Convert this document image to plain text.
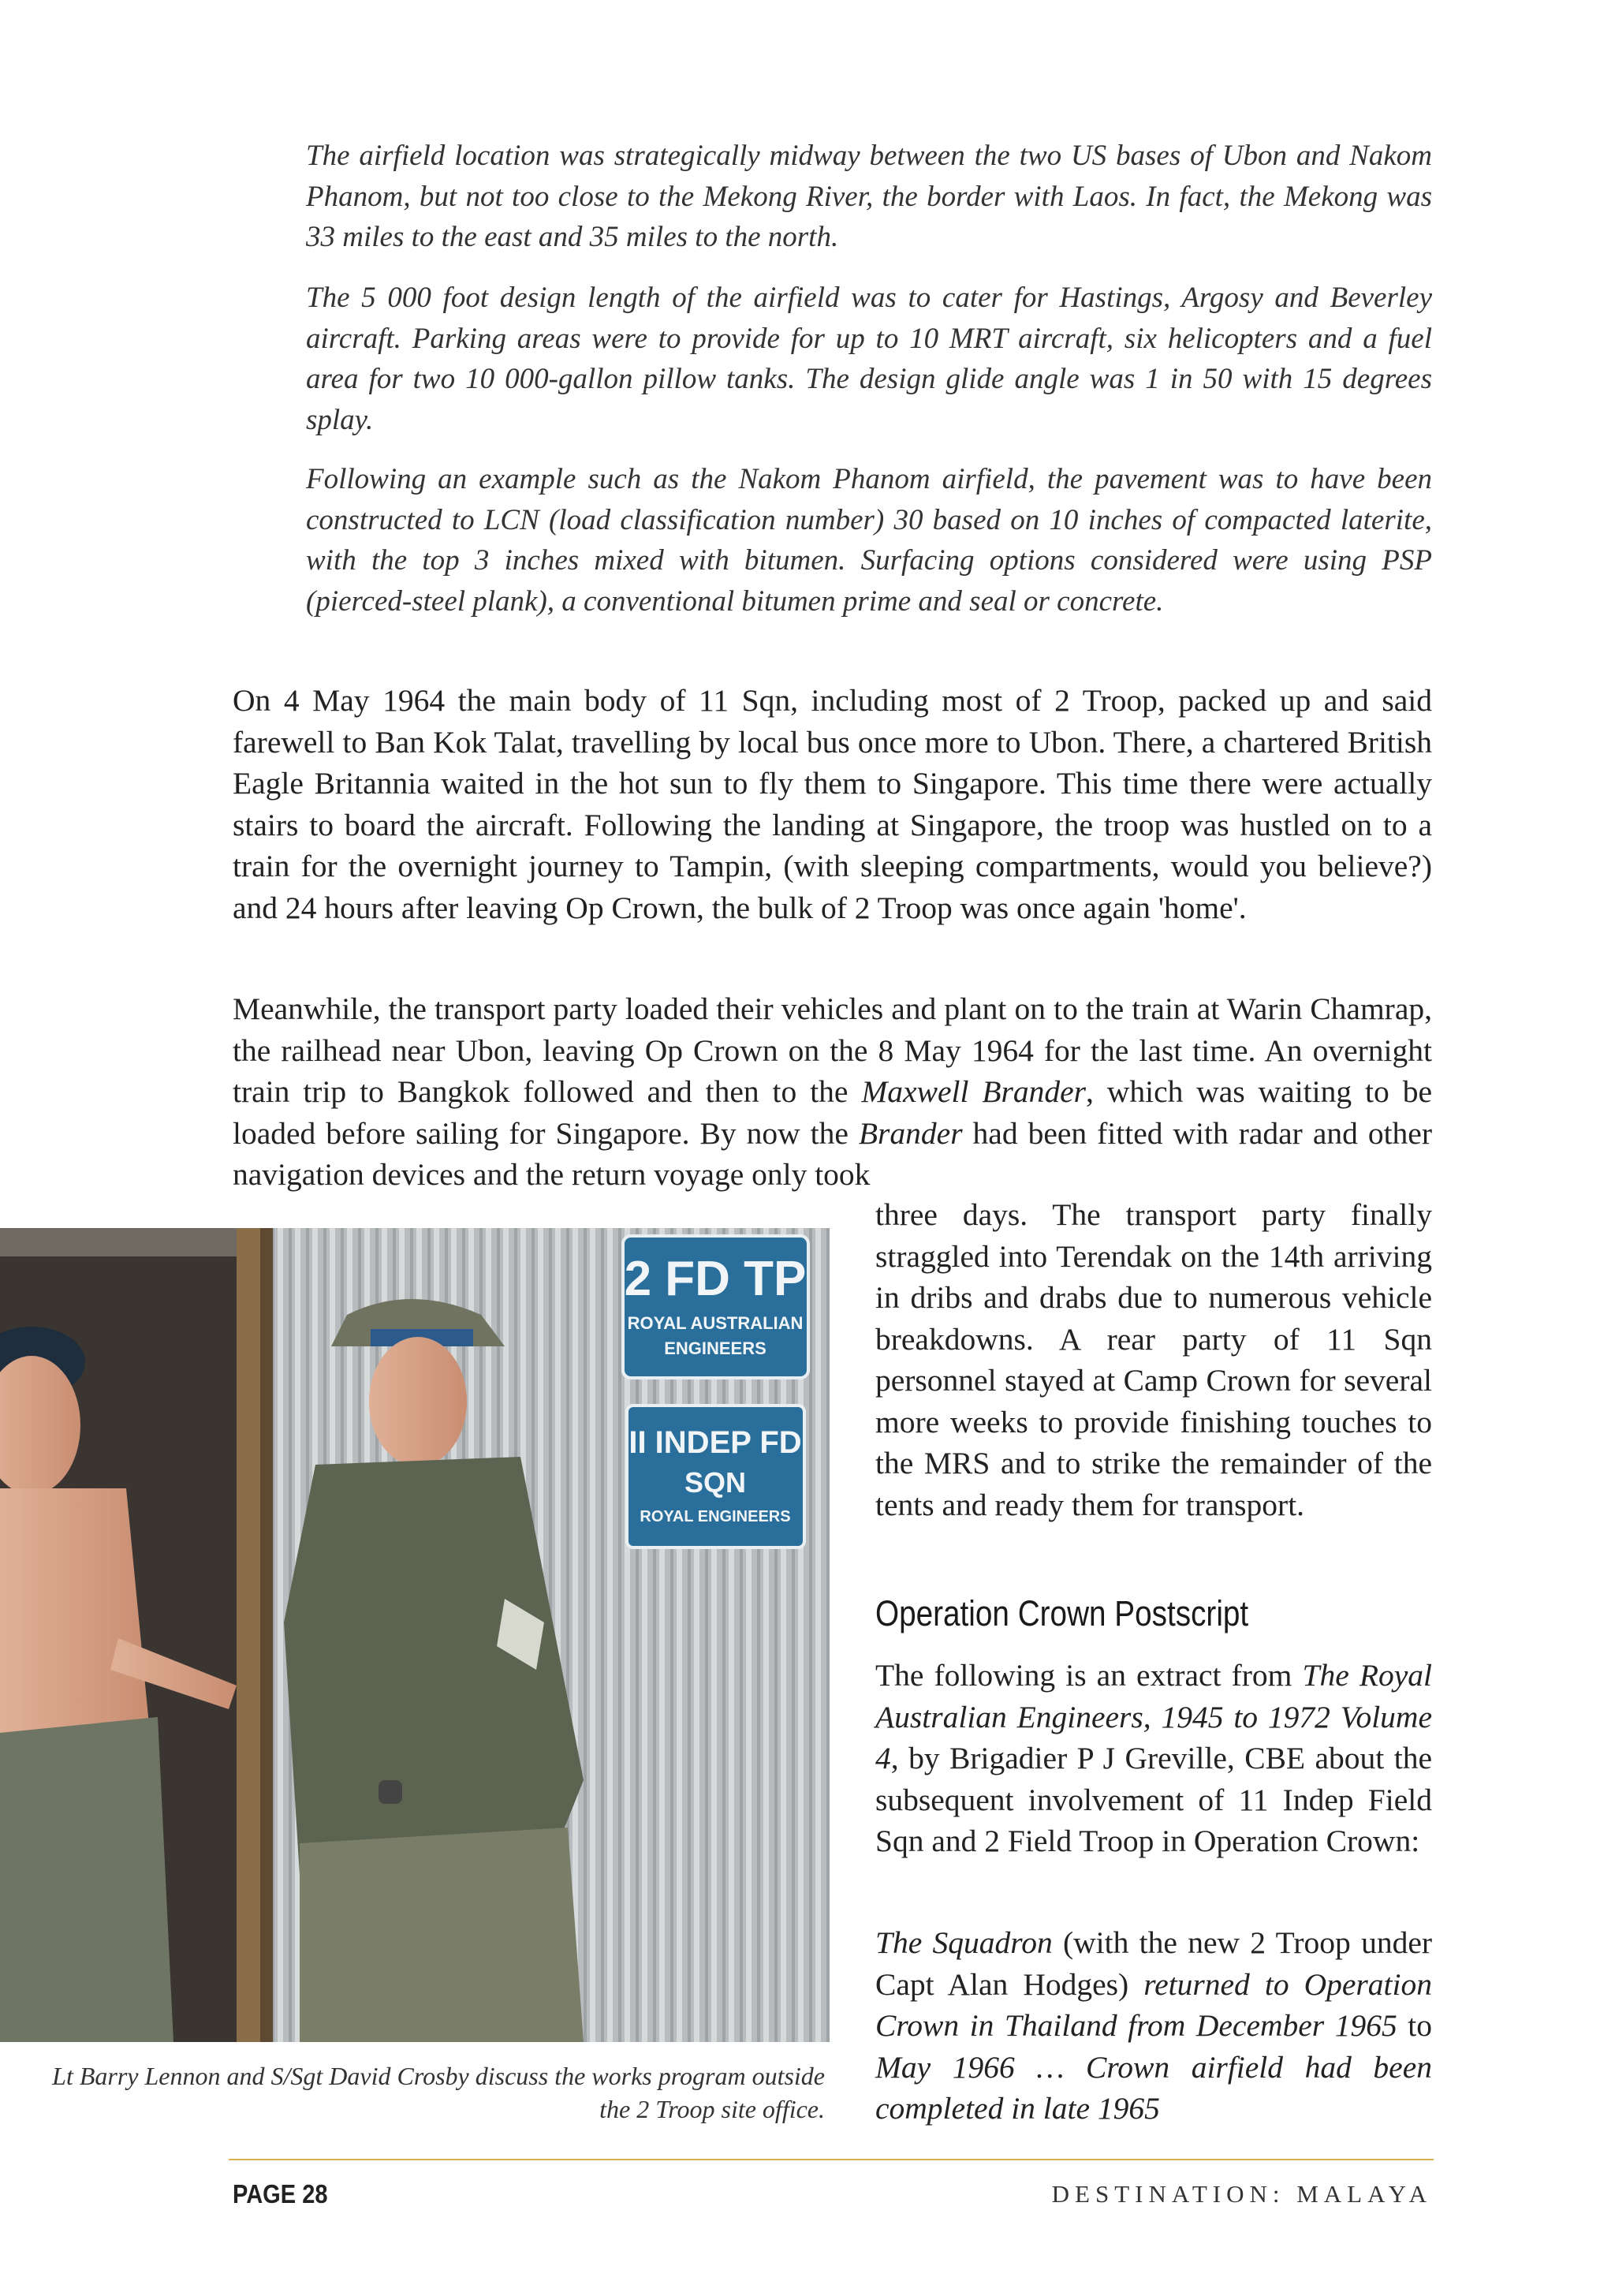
The airfield location was strategically midway between the two US bases of Ubon and Nakom Phanom, but not too close to the Mekong River, the border with Laos. In fact, the Mekong was 33 miles to the east and 35 miles to the north.

The 5 000 foot design length of the airfield was to cater for Hastings, Argosy and Beverley aircraft. Parking areas were to provide for up to 10 MRT aircraft, six helicopters and a fuel area for two 10 000-gallon pillow tanks. The design glide angle was 1 in 50 with 15 degrees splay.

Following an example such as the Nakom Phanom airfield, the pavement was to have been constructed to LCN (load classification number) 30 based on 10 inches of compacted laterite, with the top 3 inches mixed with bitumen. Surfacing options considered were using PSP (pierced-steel plank), a conventional bitumen prime and seal or concrete.

On 4 May 1964 the main body of 11 Sqn, including most of 2 Troop, packed up and said farewell to Ban Kok Talat, travelling by local bus once more to Ubon. There, a chartered British Eagle Britannia waited in the hot sun to fly them to Singapore. This time there were actually stairs to board the aircraft. Following the landing at Singapore, the troop was hustled on to a train for the overnight journey to Tampin, (with sleeping compartments, would you believe?) and 24 hours after leaving Op Crown, the bulk of 2 Troop was once again 'home'.

Meanwhile, the transport party loaded their vehicles and plant on to the train at Warin Chamrap, the railhead near Ubon, leaving Op Crown on the 8 May 1964 for the last time. An overnight train trip to Bangkok followed and then to the Maxwell Brander, which was waiting to be loaded before sailing for Singapore. By now the Brander had been fitted with radar and other navigation devices and the return voyage only took

three days. The transport party finally straggled into Terendak on the 14th arriving in dribs and drabs due to numerous vehicle breakdowns. A rear party of 11 Sqn personnel stayed at Camp Crown for several more weeks to provide finishing touches to the MRS and to strike the remainder of the tents and ready them for transport.

Operation Crown Postscript

The following is an extract from The Royal Australian Engineers, 1945 to 1972 Volume 4, by Brigadier P J Greville, CBE about the subsequent involvement of 11 Indep Field Sqn and 2 Field Troop in Operation Crown:

The Squadron (with the new 2 Troop under Capt Alan Hodges) returned to Operation Crown in Thailand from December 1965 to May 1966 … Crown airfield had been completed in late 1965

2 FD TP
ROYAL AUSTRALIAN
ENGINEERS
II INDEP FD
SQN
ROYAL ENGINEERS

Lt Barry Lennon and S/Sgt David Crosby discuss the works program outside the 2 Troop site office.

PAGE 28	DESTINATION: MALAYA
